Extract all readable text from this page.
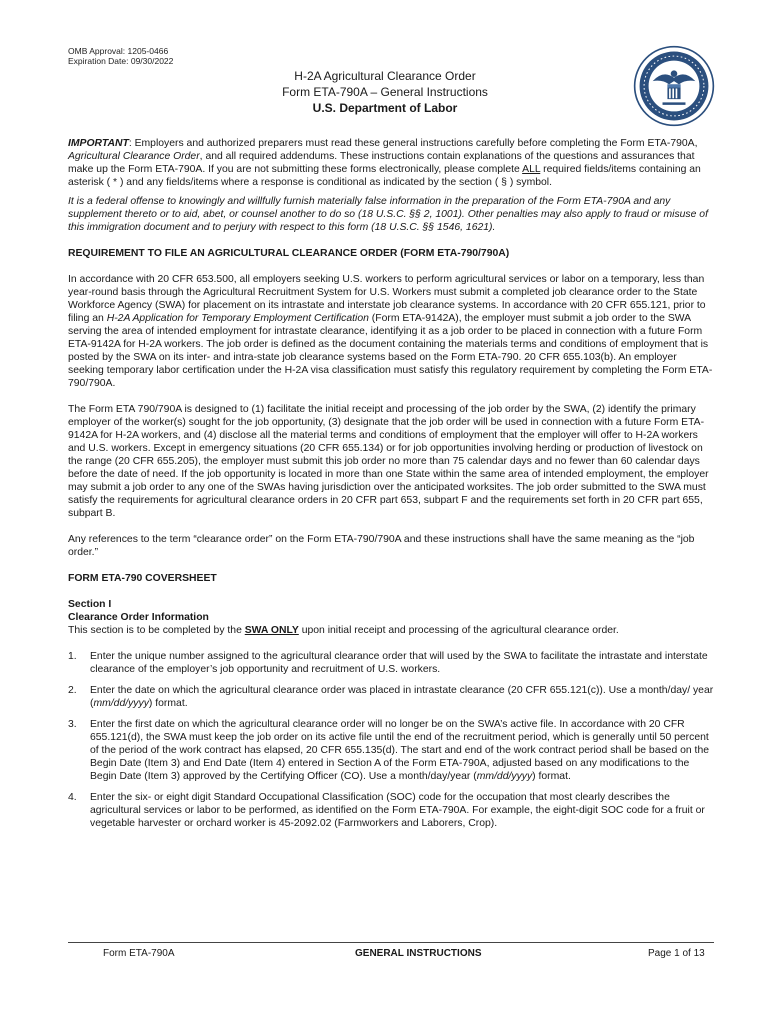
OMB Approval: 1205-0466
Expiration Date: 09/30/2022
H-2A Agricultural Clearance Order
Form ETA-790A – General Instructions
U.S. Department of Labor

IMPORTANT: Employers and authorized preparers must read these general instructions carefully before completing the Form ETA-790A, Agricultural Clearance Order, and all required addendums. These instructions contain explanations of the questions and assurances that make up the Form ETA-790A. If you are not submitting these forms electronically, please complete ALL required fields/items containing an asterisk ( * ) and any fields/items where a response is conditional as indicated by the section ( § ) symbol.

It is a federal offense to knowingly and willfully furnish materially false information in the preparation of the Form ETA-790A and any supplement thereto or to aid, abet, or counsel another to do so (18 U.S.C. §§ 2, 1001). Other penalties may also apply to fraud or misuse of this immigration document and to perjury with respect to this form (18 U.S.C. §§ 1546, 1621).

REQUIREMENT TO FILE AN AGRICULTURAL CLEARANCE ORDER (FORM ETA-790/790A)

In accordance with 20 CFR 653.500, all employers seeking U.S. workers to perform agricultural services or labor on a temporary, less than year-round basis through the Agricultural Recruitment System for U.S. Workers must submit a completed job clearance order to the State Workforce Agency (SWA) for placement on its intrastate and interstate job clearance systems. In accordance with 20 CFR 655.121, prior to filing an H-2A Application for Temporary Employment Certification (Form ETA-9142A), the employer must submit a job order to the SWA serving the area of intended employment for intrastate clearance, identifying it as a job order to be placed in connection with a future Form ETA-9142A for H-2A workers. The job order is defined as the document containing the materials terms and conditions of employment that is posted by the SWA on its inter- and intra-state job clearance systems based on the Form ETA-790. 20 CFR 655.103(b). An employer seeking temporary labor certification under the H-2A visa classification must satisfy this regulatory requirement by completing the Form ETA-790/790A.

The Form ETA 790/790A is designed to (1) facilitate the initial receipt and processing of the job order by the SWA, (2) identify the primary employer of the worker(s) sought for the job opportunity, (3) designate that the job order will be used in connection with a future Form ETA-9142A for H-2A workers, and (4) disclose all the material terms and conditions of employment that the employer will offer to H-2A workers and U.S. workers. Except in emergency situations (20 CFR 655.134) or for job opportunities involving herding or production of livestock on the range (20 CFR 655.205), the employer must submit this job order no more than 75 calendar days and no fewer than 60 calendar days before the date of need. If the job opportunity is located in more than one State within the same area of intended employment, the employer may submit a job order to any one of the SWAs having jurisdiction over the anticipated worksites. The job order submitted to the SWA must satisfy the requirements for agricultural clearance orders in 20 CFR part 653, subpart F and the requirements set forth in 20 CFR part 655, subpart B.

Any references to the term “clearance order” on the Form ETA-790/790A and these instructions shall have the same meaning as the “job order.”

FORM ETA-790 COVERSHEET

Section I

Clearance Order Information

This section is to be completed by the SWA ONLY upon initial receipt and processing of the agricultural clearance order.

1. Enter the unique number assigned to the agricultural clearance order that will used by the SWA to facilitate the intrastate and interstate clearance of the employer’s job opportunity and recruitment of U.S. workers.
2. Enter the date on which the agricultural clearance order was placed in intrastate clearance (20 CFR 655.121(c)). Use a month/day/ year (mm/dd/yyyy) format.
3. Enter the first date on which the agricultural clearance order will no longer be on the SWA’s active file. In accordance with 20 CFR 655.121(d), the SWA must keep the job order on its active file until the end of the recruitment period, which is generally until 50 percent of the period of the work contract has elapsed, 20 CFR 655.135(d). The start and end of the work contract period shall be based on the Begin Date (Item 3) and End Date (Item 4) entered in Section A of the Form ETA-790A, adjusted based on any modifications to the Begin Date (Item 3) approved by the Certifying Officer (CO). Use a month/day/year (mm/dd/yyyy) format.
4. Enter the six- or eight digit Standard Occupational Classification (SOC) code for the occupation that most clearly describes the agricultural services or labor to be performed, as identified on the Form ETA-790A. For example, the eight-digit SOC code for a fruit or vegetable harvester or orchard worker is 45-2092.02 (Farmworkers and Laborers, Crop).
Form ETA-790A	GENERAL INSTRUCTIONS	Page 1 of 13
